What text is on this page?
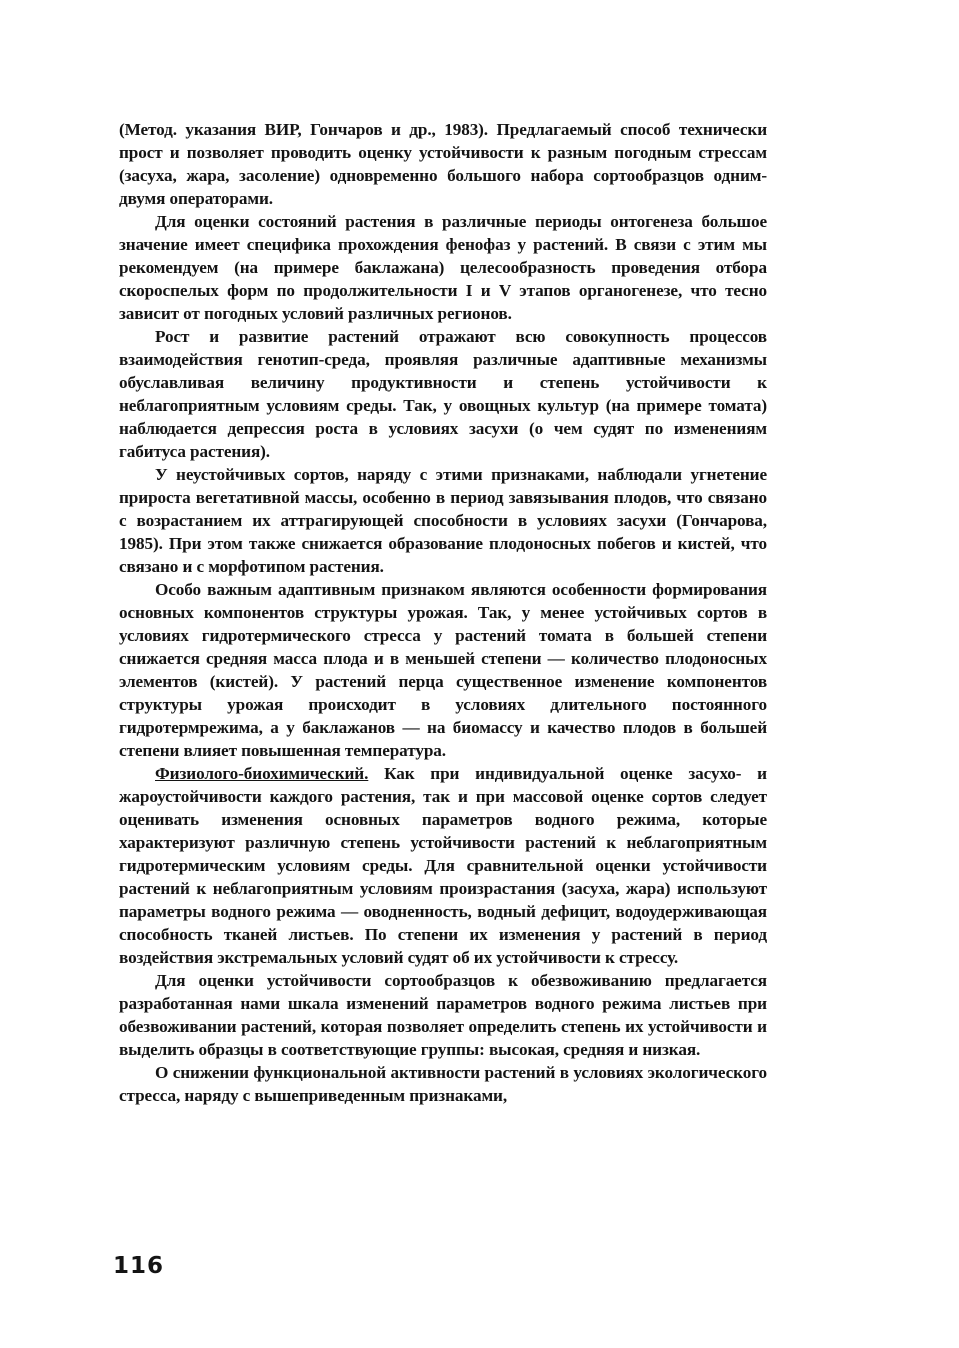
(Метод. указания ВИР, Гончаров и др., 1983). Предлагаемый способ технически прост и позволяет проводить оценку устойчивости к разным погодным стрессам (засуха, жара, засоление) одновременно большого набора сортообразцов одним-двумя операторами.

Для оценки состояний растения в различные периоды онтогенеза большое значение имеет специфика прохождения фенофаз у растений. В связи с этим мы рекомендуем (на примере баклажана) целесообразность проведения отбора скороспелых форм по продолжительности I и V этапов органогенезе, что тесно зависит от погодных условий различных регионов.

Рост и развитие растений отражают всю совокупность процессов взаимодействия генотип-среда, проявляя различные адаптивные механизмы обуславливая величину продуктивности и степень устойчивости к неблагоприятным условиям среды. Так, у овощных культур (на примере томата) наблюдается депрессия роста в условиях засухи (о чем судят по изменениям габитуса растения).

У неустойчивых сортов, наряду с этими признаками, наблюдали угнетение прироста вегетативной массы, особенно в период завязывания плодов, что связано с возрастанием их аттрагирующей способности в условиях засухи (Гончарова, 1985). При этом также снижается образование плодоносных побегов и кистей, что связано и с морфотипом растения.

Особо важным адаптивным признаком являются особенности формирования основных компонентов структуры урожая. Так, у менее устойчивых сортов в условиях гидротермического стресса у растений томата в большей степени снижается средняя масса плода и в меньшей степени — количество плодоносных элементов (кистей). У растений перца существенное изменение компонентов структуры урожая происходит в условиях длительного постоянного гидротермрежима, а у баклажанов — на биомассу и качество плодов в большей степени влияет повышенная температура.

Физиолого-биохимический. Как при индивидуальной оценке засухо- и жароустойчивости каждого растения, так и при массовой оценке сортов следует оценивать изменения основных параметров водного режима, которые характеризуют различную степень устойчивости растений к неблагоприятным гидротермическим условиям среды. Для сравнительной оценки устойчивости растений к неблагоприятным условиям произрастания (засуха, жара) используют параметры водного режима — оводненность, водный дефицит, водоудерживающая способность тканей листьев. По степени их изменения у растений в период воздействия экстремальных условий судят об их устойчивости к стрессу.

Для оценки устойчивости сортообразцов к обезвоживанию предлагается разработанная нами шкала изменений параметров водного режима листьев при обезвоживании растений, которая позволяет определить степень их устойчивости и выделить образцы в соответствующие группы: высокая, средняя и низкая.

О снижении функциональной активности растений в условиях экологического стресса, наряду с вышеприведенным признаками,

116
